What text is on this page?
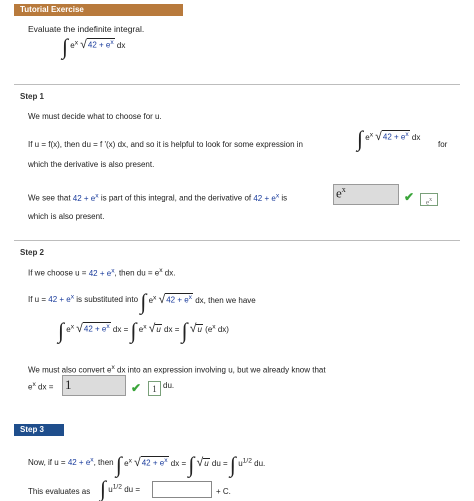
Tutorial Exercise
Evaluate the indefinite integral.
∫ $e^x$ $√42 + e^x$ dx
Step 1
We must decide what to choose for u.
If u = f(x), then du = f '(x) dx, and so it is helpful to look for some expression in ∫ $e^x$ $√42 + e^x$ dx
for
which the derivative is also present.
We see that $42 + e^x$ is part of this integral, and the derivative of $42 + e^x$ is	$e^x$
✔	$e^x$
which is also present.
Step 2
If we choose $u = 42 + e^x$, then du = $e^x$ dx.
If $u = 42 + e^x$ is substituted into ∫ $e^x$ $√42 + e^x$ dx, then we have
∫ $e^x$ $√42 + e^x$ dx = ∫ $e^x$ √u dx = ∫ √u ($e^x$ dx)
We must also convert $e^x$ dx into an expression involving u, but we already know that
$e^x$ dx = 1	✔	1 du.
Step 3
Now, if $u = 42 + e^x$, then ∫ $e^x$ $√42 + e^x$ dx = ∫ √u du = ∫ $u^{1/2}$ du.
This evaluates as ∫ $u^{1/2}$ du =	+ C.
